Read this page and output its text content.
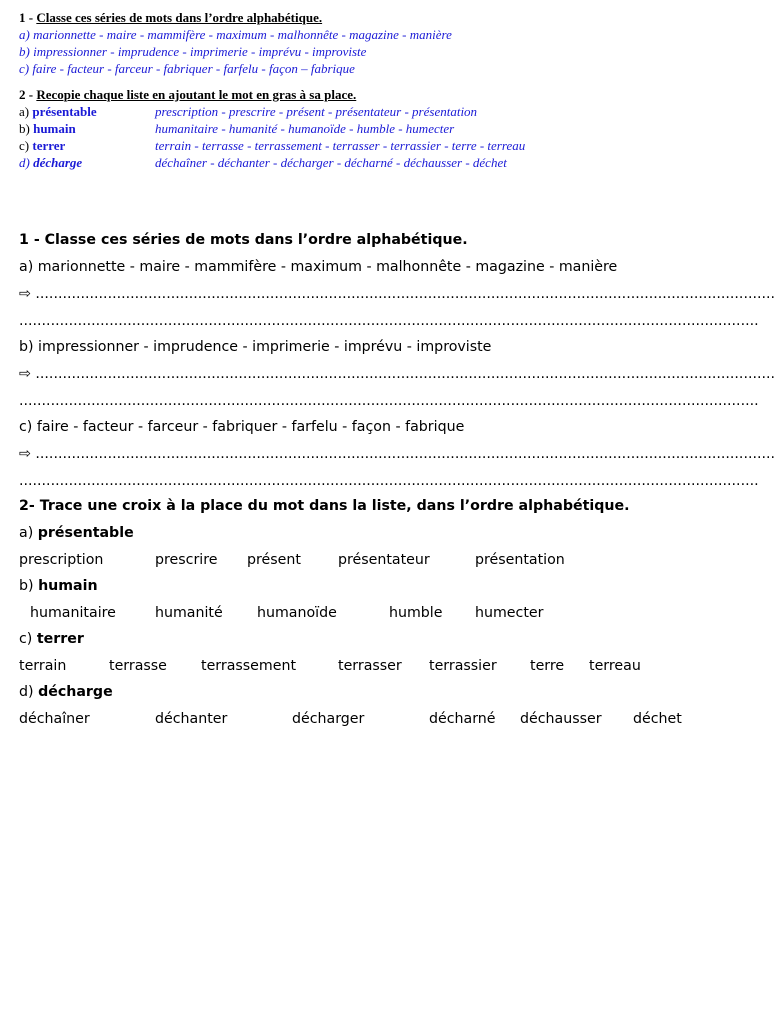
1 - Classe ces séries de mots dans l’ordre alphabétique.
a) marionnette - maire - mammifère - maximum - malhonnête - magazine - manière
b) impressionner - imprudence - imprimerie - imprévu - improviste
c) faire - facteur - farceur - fabriquer - farfelu - façon – fabrique
2 - Recopie chaque liste en ajoutant le mot en gras à sa place.
a) présentable	prescription - prescrire - présent - présentateur - présentation
b) humain	humanitaire - humanité - humanoïde - humble - humecter
c) terrer	terrain - terrasse - terrassement - terrasser - terrassier - terre - terreau
d) décharge	déchaîner - déchanter - décharger - décharné - déchausser - déchet
1 - Classe ces séries de mots dans l’ordre alphabétique.
a) marionnette - maire - mammifère - maximum - malhonnête - magazine - manière
⇨ ....................................................................................................................................................................
....................................................................................................................................................................
b) impressionner - imprudence - imprimerie - imprévu - improviste
⇨ ....................................................................................................................................................................
....................................................................................................................................................................
c) faire - facteur - farceur - fabriquer - farfelu - façon - fabrique
⇨ ....................................................................................................................................................................
....................................................................................................................................................................
2- Trace une croix à la place du mot dans la liste, dans l’ordre alphabétique.
a) présentable
prescription	prescrire présent	présentateur	présentation
b) humain
humanitaire	humanité humanoïde	humble humecter
c) terrer
terrain	terrasse terrassement	terrasser terrassier terre terreau
d) décharge
déchaîner	déchanter	décharger	décharné déchausser déchet
